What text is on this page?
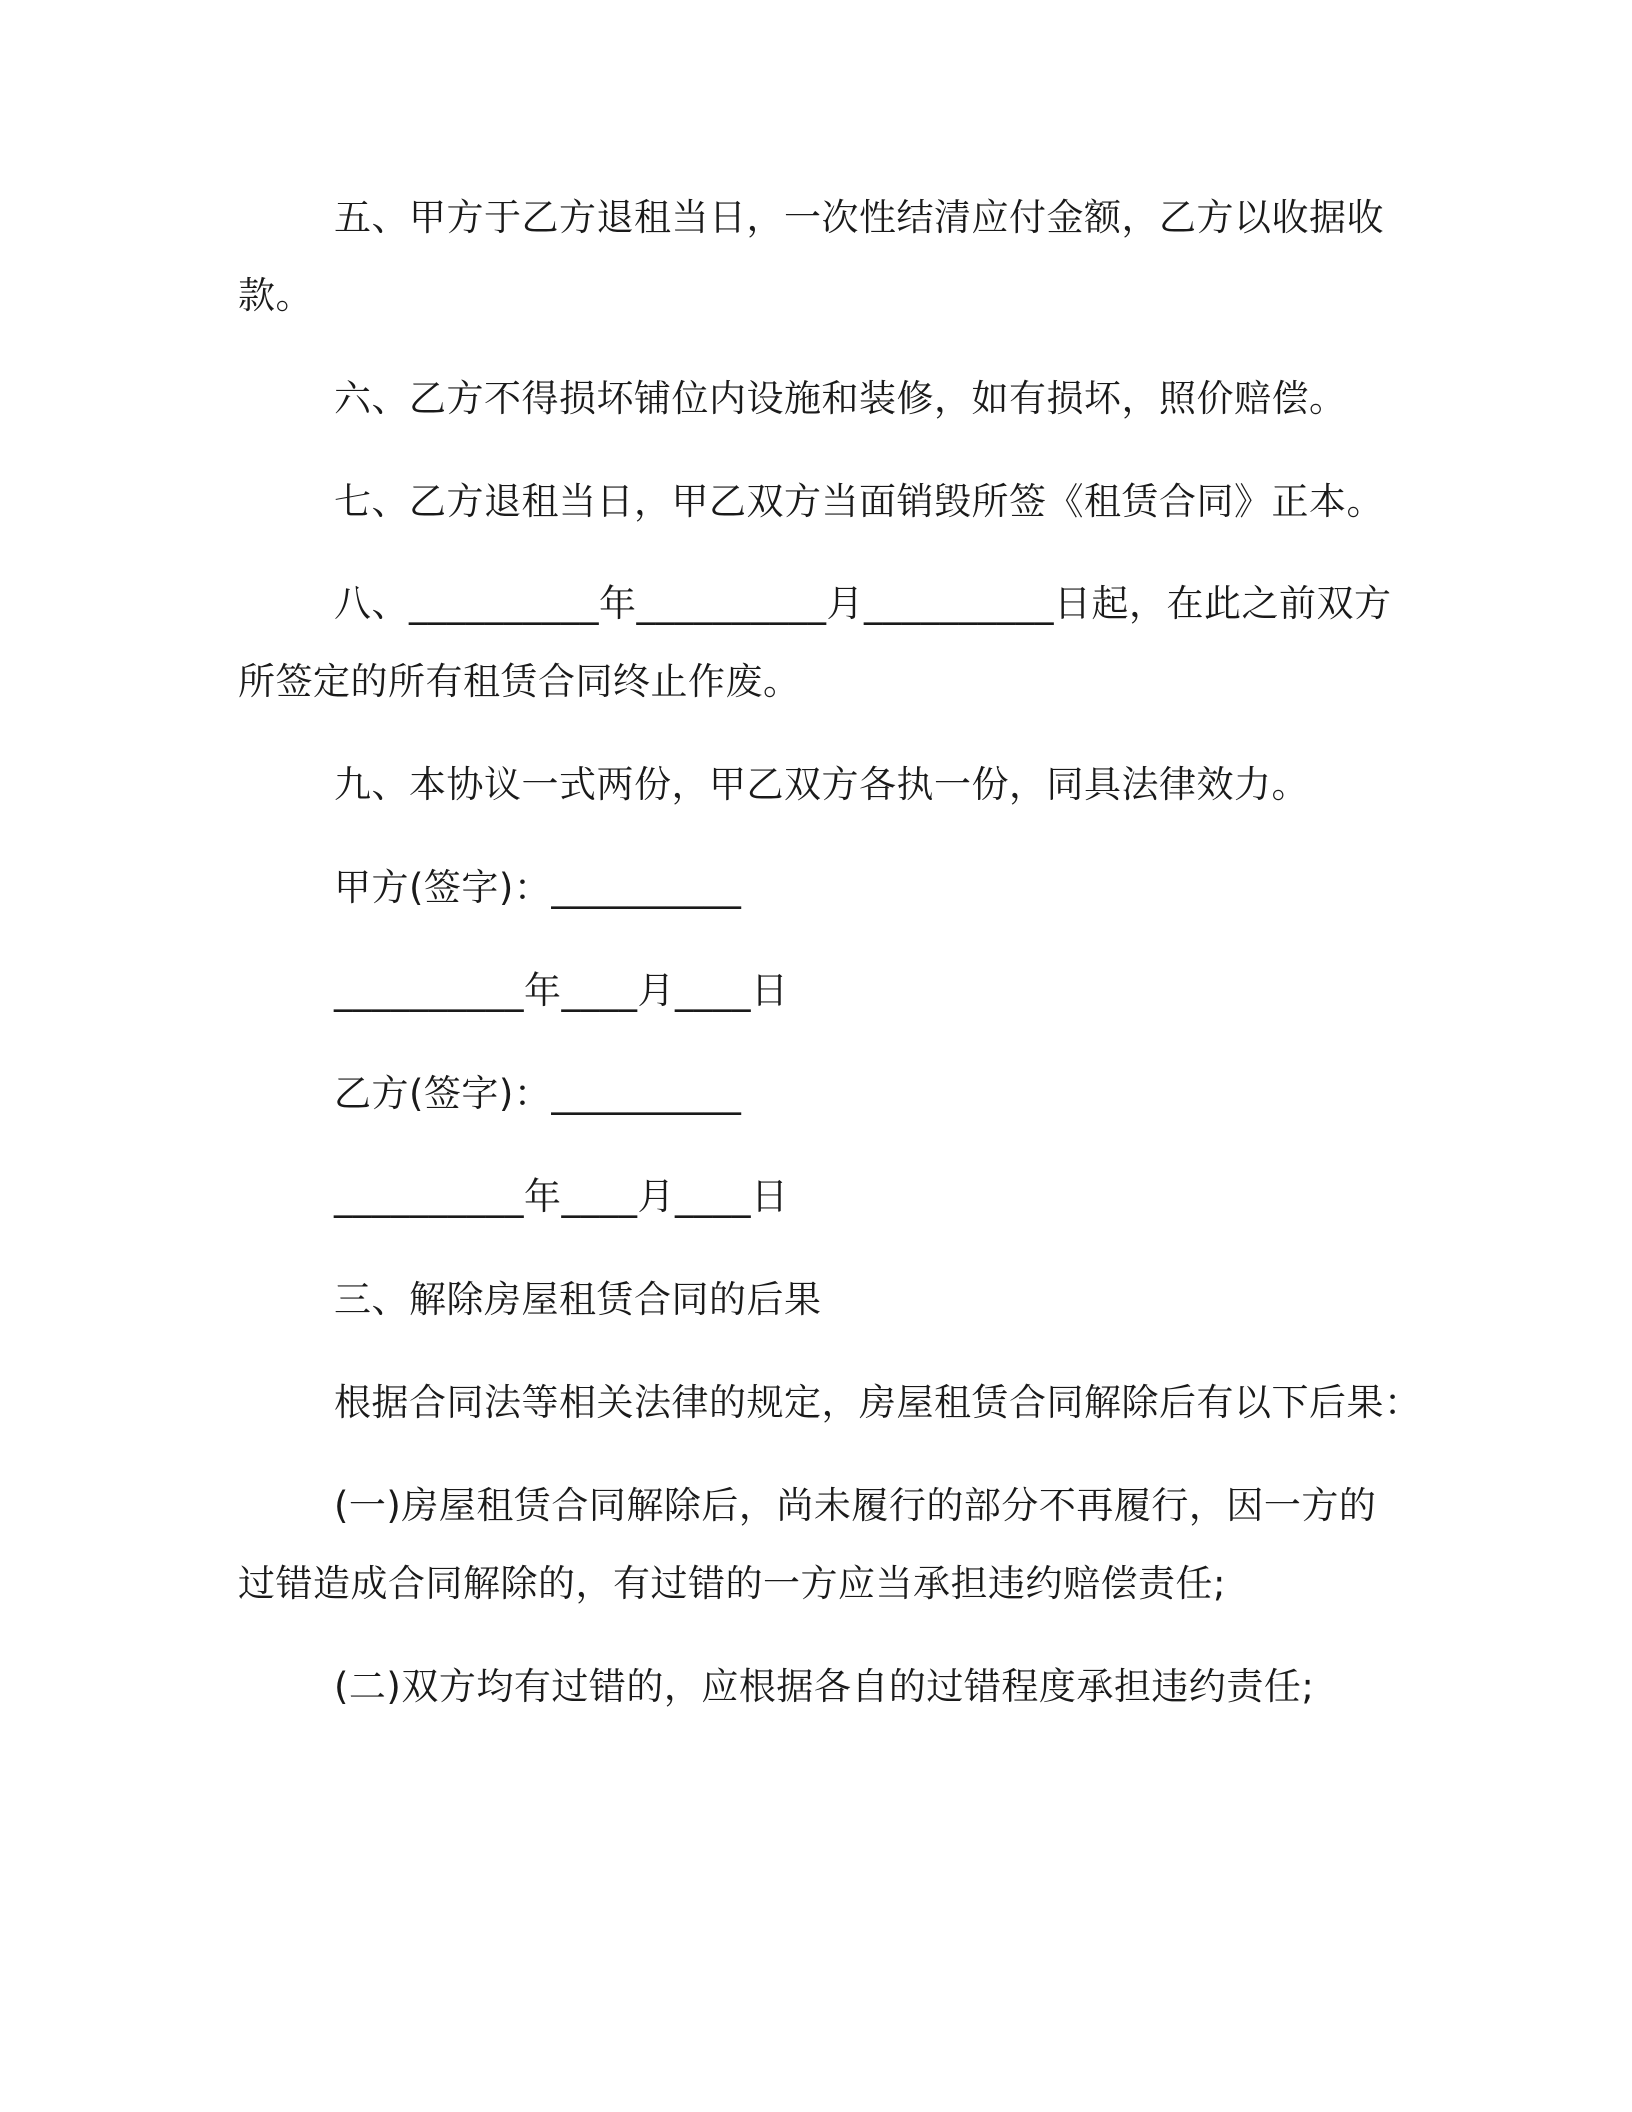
五、甲方于乙方退租当日，一次性结清应付金额，乙方以收据收
款。
六、乙方不得损坏铺位内设施和装修，如有损坏，照价赔偿。
七、乙方退租当日，甲乙双方当面销毁所签《租赁合同》正本。
八、__________年__________月__________日起，在此之前双方
所签定的所有租赁合同终止作废。
九、本协议一式两份，甲乙双方各执一份，同具法律效力。
甲方(签字)：__________
__________年____月____日
乙方(签字)：__________
__________年____月____日
三、解除房屋租赁合同的后果
根据合同法等相关法律的规定，房屋租赁合同解除后有以下后果：
(一)房屋租赁合同解除后，尚未履行的部分不再履行，因一方的
过错造成合同解除的，有过错的一方应当承担违约赔偿责任;
(二)双方均有过错的，应根据各自的过错程度承担违约责任;
